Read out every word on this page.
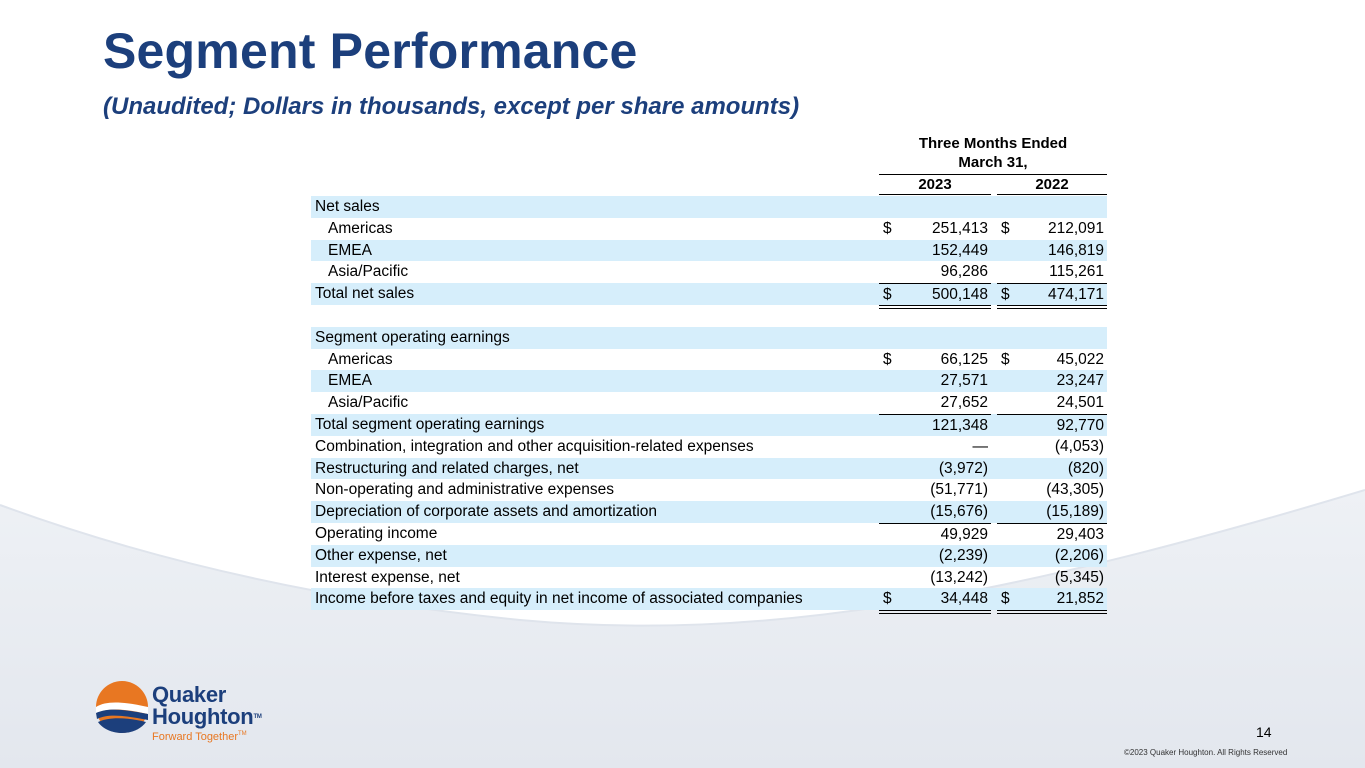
Segment Performance
(Unaudited; Dollars in thousands, except per share amounts)
Three Months Ended
March 31,
2023	2022
Net sales
Americas	$	251,413 $ 212,091
EMEA	152,449	146,819
Asia/Pacific	96,286	115,261
Total net sales	$	500,148 $ 474,171
Segment operating earnings
Americas	$	66,125 $	45,022
EMEA	27,571	23,247
Asia/Pacific	27,652	24,501
Total segment operating earnings	121,348	92,770
Combination, integration and other acquisition-related expenses	—	(4,053)
Restructuring and related charges, net	(3,972)	(820)
Non-operating and administrative expenses	(51,771)	(43,305)
Depreciation of corporate assets and amortization	(15,676)	(15,189)
Operating income	49,929	29,403
Other expense, net	(2,239)	(2,206)
Interest expense, net	(13,242)	(5,345)
Income before taxes and equity in net income of associated companies	$	34,448 $	21,852
Quaker
Houghton™
Forward Together™	14
©2023 Quaker Houghton. All Rights Reserved
